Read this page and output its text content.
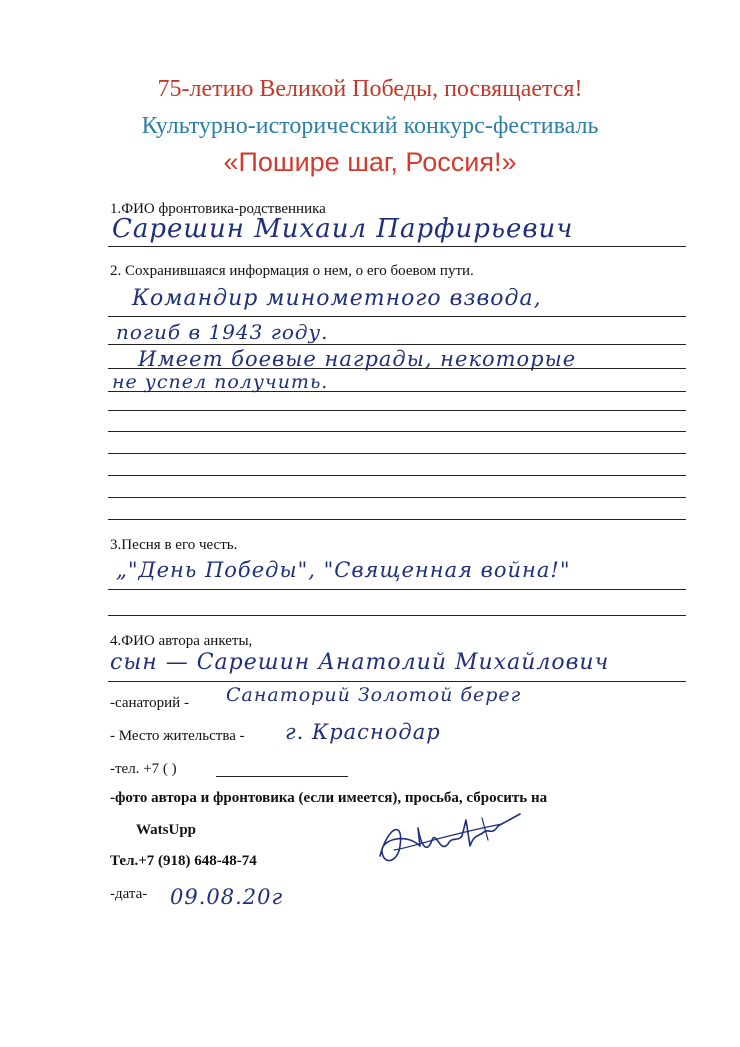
75-летию Великой Победы, посвящается!
Культурно-исторический конкурс-фестиваль
«Пошире шаг, Россия!»
1.ФИО фронтовика-родственника
Сарешин Михаил Парфирьевич
2. Сохранившаяся информация о нем, о его боевом пути.
Командир минометного взвода,
погиб в 1943 году.
Имеет боевые награды, некоторые
не успел получить.
3.Песня в его честь.
„"День Победы", "Священная война!"
4.ФИО автора анкеты,
сын — Сарешин Анатолий Михайлович
-санаторий - Санаторий Золотой берег
- Место жительства - г. Краснодар
-тел. +7 ( )
-фото автора и фронтовика (если имеется), просьба, сбросить на
WatsUpp
Тел.+7 (918) 648-48-74
-дата- 09.08.20г
